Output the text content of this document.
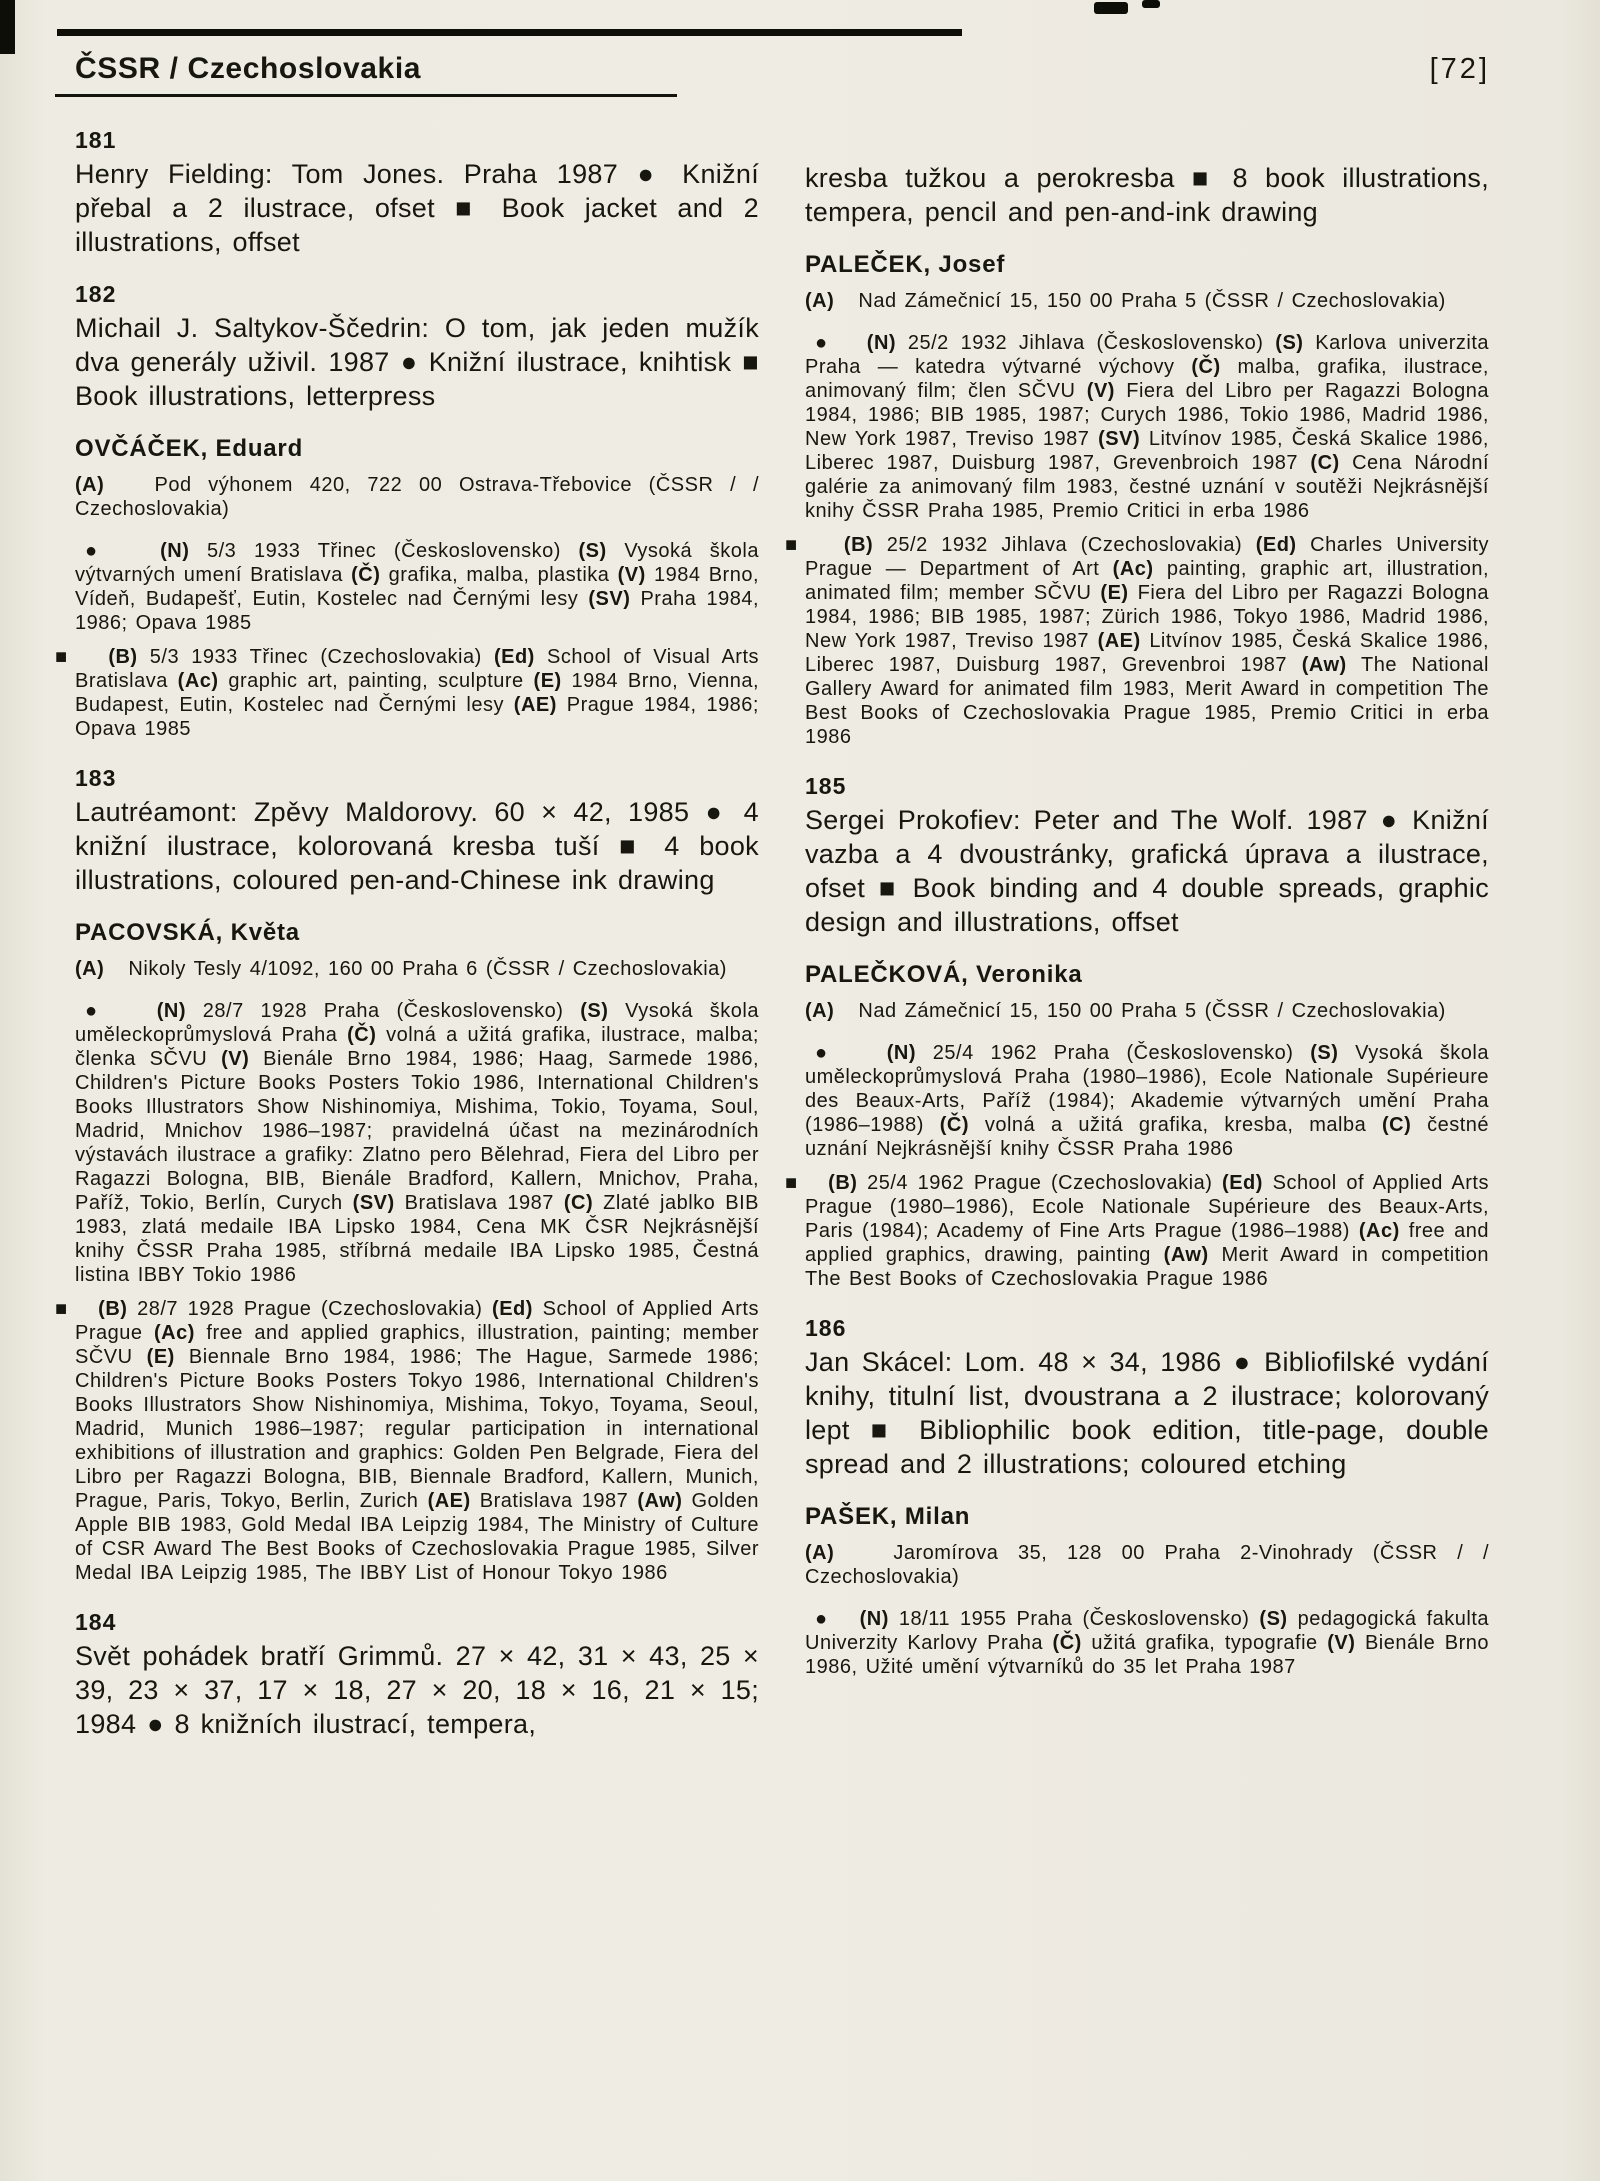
ČSSR / Czechoslovakia	[72]
181

Henry Fielding: Tom Jones. Praha 1987 ● Knižní přebal a 2 ilustrace, ofset ■ Book jacket and 2 illustrations, offset

182

Michail J. Saltykov-Ščedrin: O tom, jak jeden mužík dva generály uživil. 1987 ● Knižní ilustrace, knihtisk ■ Book illustrations, letterpress

OVČÁČEK, Eduard

(A)   Pod výhonem 420, 722 00 Ostrava-Třebovice (ČSSR / / Czechoslovakia)

●   (N) 5/3 1933 Třinec (Československo) (S) Vysoká škola výtvarných umení Bratislava (Č) grafika, malba, plastika (V) 1984 Brno, Vídeň, Budapešť, Eutin, Kostelec nad Černými lesy (SV) Praha 1984, 1986; Opava 1985

■   (B) 5/3 1933 Třinec (Czechoslovakia) (Ed) School of Visual Arts Bratislava (Ac) graphic art, painting, sculpture (E) 1984 Brno, Vienna, Budapest, Eutin, Kostelec nad Černými lesy (AE) Prague 1984, 1986; Opava 1985

183

Lautréamont: Zpěvy Maldorovy. 60 × 42, 1985 ● 4 knižní ilustrace, kolorovaná kresba tuší ■ 4 book illustrations, coloured pen-and-Chinese ink drawing

PACOVSKÁ, Květa

(A)   Nikoly Tesly 4/1092, 160 00 Praha 6 (ČSSR / Czechoslovakia)

●   (N) 28/7 1928 Praha (Československo) (S) Vysoká škola uměleckoprůmyslová Praha (Č) volná a užitá grafika, ilustrace, malba; členka SČVU (V) Bienále Brno 1984, 1986; Haag, Sarmede 1986, Children's Picture Books Posters Tokio 1986, International Children's Books Illustrators Show Nishinomiya, Mishima, Tokio, Toyama, Soul, Madrid, Mnichov 1986–1987; pravidelná účast na mezinárodních výstavách ilustrace a grafiky: Zlatno pero Bělehrad, Fiera del Libro per Ragazzi Bologna, BIB, Bienále Bradford, Kallern, Mnichov, Praha, Paříž, Tokio, Berlín, Curych (SV) Bratislava 1987 (C) Zlaté jablko BIB 1983, zlatá medaile IBA Lipsko 1984, Cena MK ČSR Nejkrásnější knihy ČSSR Praha 1985, stříbrná medaile IBA Lipsko 1985, Čestná listina IBBY Tokio 1986

■   (B) 28/7 1928 Prague (Czechoslovakia) (Ed) School of Applied Arts Prague (Ac) free and applied graphics, illustration, painting; member SČVU (E) Biennale Brno 1984, 1986; The Hague, Sarmede 1986; Children's Picture Books Posters Tokyo 1986, International Children's Books Illustrators Show Nishinomiya, Mishima, Tokyo, Toyama, Seoul, Madrid, Munich 1986–1987; regular participation in international exhibitions of illustration and graphics: Golden Pen Belgrade, Fiera del Libro per Ragazzi Bologna, BIB, Biennale Bradford, Kallern, Munich, Prague, Paris, Tokyo, Berlin, Zurich (AE) Bratislava 1987 (Aw) Golden Apple BIB 1983, Gold Medal IBA Leipzig 1984, The Ministry of Culture of CSR Award The Best Books of Czechoslovakia Prague 1985, Silver Medal IBA Leipzig 1985, The IBBY List of Honour Tokyo 1986

184

Svět pohádek bratří Grimmů. 27 × 42, 31 × 43, 25 × 39, 23 × 37, 17 × 18, 27 × 20, 18 × 16, 21 × 15; 1984 ● 8 knižních ilustrací, tempera,

kresba tužkou a perokresba ■ 8 book illustrations, tempera, pencil and pen-and-ink drawing

PALEČEK, Josef

(A)   Nad Zámečnicí 15, 150 00 Praha 5 (ČSSR / Czechoslovakia)

●   (N) 25/2 1932 Jihlava (Československo) (S) Karlova univerzita Praha — katedra výtvarné výchovy (Č) malba, grafika, ilustrace, animovaný film; člen SČVU (V) Fiera del Libro per Ragazzi Bologna 1984, 1986; BIB 1985, 1987; Curych 1986, Tokio 1986, Madrid 1986, New York 1987, Treviso 1987 (SV) Litvínov 1985, Česká Skalice 1986, Liberec 1987, Duisburg 1987, Grevenbroich 1987 (C) Cena Národní galérie za animovaný film 1983, čestné uznání v soutěži Nejkrásnější knihy ČSSR Praha 1985, Premio Critici in erba 1986

■   (B) 25/2 1932 Jihlava (Czechoslovakia) (Ed) Charles University Prague — Department of Art (Ac) painting, graphic art, illustration, animated film; member SČVU (E) Fiera del Libro per Ragazzi Bologna 1984, 1986; BIB 1985, 1987; Zürich 1986, Tokyo 1986, Madrid 1986, New York 1987, Treviso 1987 (AE) Litvínov 1985, Česká Skalice 1986, Liberec 1987, Duisburg 1987, Grevenbroi 1987 (Aw) The National Gallery Award for animated film 1983, Merit Award in competition The Best Books of Czechoslovakia Prague 1985, Premio Critici in erba 1986

185

Sergei Prokofiev: Peter and The Wolf. 1987 ● Knižní vazba a 4 dvoustránky, grafická úprava a ilustrace, ofset ■ Book binding and 4 double spreads, graphic design and illustrations, offset

PALEČKOVÁ, Veronika

(A)   Nad Zámečnicí 15, 150 00 Praha 5 (ČSSR / Czechoslovakia)

●   (N) 25/4 1962 Praha (Československo) (S) Vysoká škola uměleckoprůmyslová Praha (1980–1986), Ecole Nationale Supérieure des Beaux-Arts, Paříž (1984); Akademie výtvarných umění Praha (1986–1988) (Č) volná a užitá grafika, kresba, malba (C) čestné uznání Nejkrásnější knihy ČSSR Praha 1986

■   (B) 25/4 1962 Prague (Czechoslovakia) (Ed) School of Applied Arts Prague (1980–1986), Ecole Nationale Supérieure des Beaux-Arts, Paris (1984); Academy of Fine Arts Prague (1986–1988) (Ac) free and applied graphics, drawing, painting (Aw) Merit Award in competition The Best Books of Czechoslovakia Prague 1986

186

Jan Skácel: Lom. 48 × 34, 1986 ● Bibliofilské vydání knihy, titulní list, dvoustrana a 2 ilustrace; kolorovaný lept ■ Bibliophilic book edition, title-page, double spread and 2 illustrations; coloured etching

PAŠEK, Milan

(A)   Jaromírova 35, 128 00 Praha 2-Vinohrady (ČSSR / / Czechoslovakia)

●   (N) 18/11 1955 Praha (Československo) (S) pedagogická fakulta Univerzity Karlovy Praha (Č) užitá grafika, typografie (V) Bienále Brno 1986, Užité umění výtvarníků do 35 let Praha 1987
